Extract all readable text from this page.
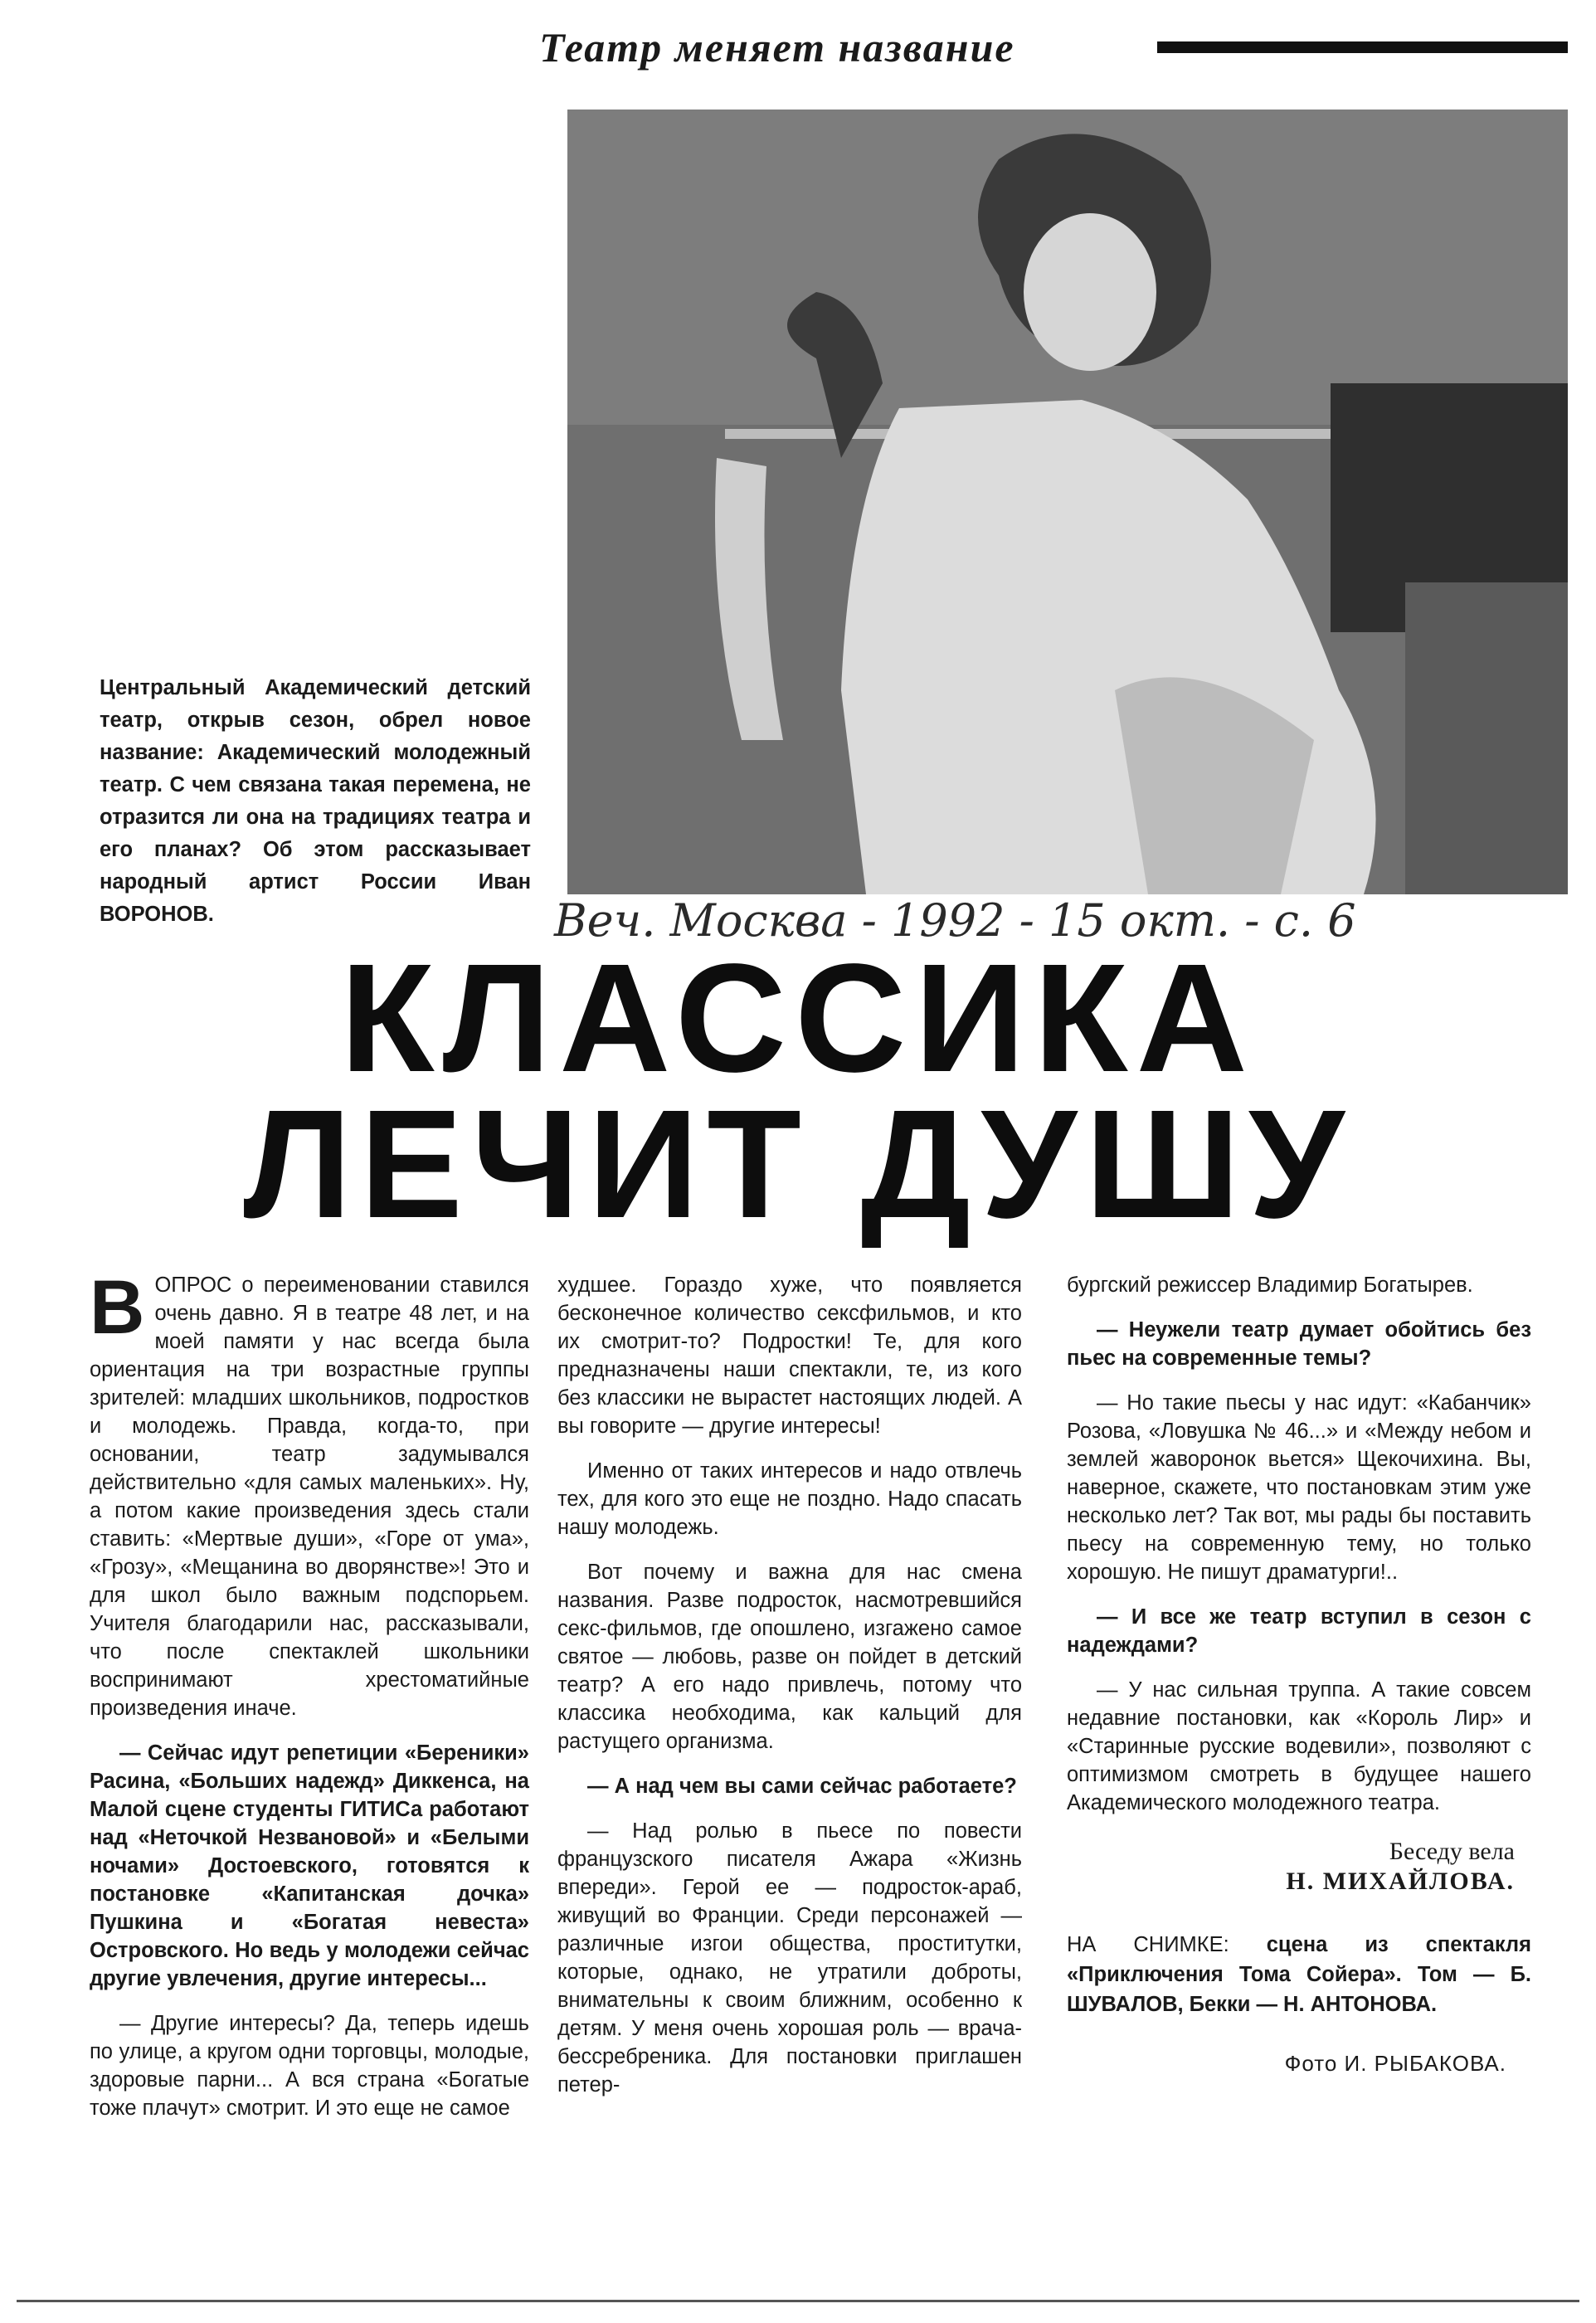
Театр меняет название
Центральный Академический детский театр, открыв сезон, обрел новое название: Академический молодежный театр. С чем связана такая перемена, не отразится ли она на традициях театра и его планах? Об этом рассказывает народный артист России Иван ВОРОНОВ.	Веч. Москва - 1992 - 15 окт. - с. 6
КЛАССИКА
ЛЕЧИТ ДУШУ

ВОПРОС о переименовании ставился очень давно. Я в театре 48 лет, и на моей памяти у нас всегда была ориентация на три возрастные группы зрителей: младших школьников, подростков и молодежь. Правда, когда-то, при основании, театр задумывался действительно «для самых маленьких». Ну, а потом какие произведения здесь стали ставить: «Мертвые души», «Горе от ума», «Грозу», «Мещанина во дворянстве»! Это и для школ было важным подспорьем. Учителя благодарили нас, рассказывали, что после спектаклей школьники воспринимают хрестоматийные произведения иначе.

— Сейчас идут репетиции «Береники» Расина, «Больших надежд» Диккенса, на Малой сцене студенты ГИТИСа работают над «Неточкой Незвановой» и «Белыми ночами» Достоевского, готовятся к постановке «Капитанская дочка» Пушкина и «Богатая невеста» Островского. Но ведь у молодежи сейчас другие увлечения, другие интересы...

— Другие интересы? Да, теперь идешь по улице, а кругом одни торговцы, молодые, здоровые парни... А вся страна «Богатые тоже плачут» смотрит. И это еще не самое

худшее. Гораздо хуже, что появляется бесконечное количество сексфильмов, и кто их смотрит-то? Подростки! Те, для кого предназначены наши спектакли, те, из кого без классики не вырастет настоящих людей. А вы говорите — другие интересы!

Именно от таких интересов и надо отвлечь тех, для кого это еще не поздно. Надо спасать нашу молодежь.

Вот почему и важна для нас смена названия. Разве подросток, насмотревшийся секс-фильмов, где опошлено, изгажено самое святое — любовь, разве он пойдет в детский театр? А его надо привлечь, потому что классика необходима, как кальций для растущего организма.

— А над чем вы сами сейчас работаете?

— Над ролью в пьесе по повести французского писателя Ажара «Жизнь впереди». Герой ее — подросток-араб, живущий во Франции. Среди персонажей — различные изгои общества, проститутки, которые, однако, не утратили доброты, внимательны к своим ближним, особенно к детям. У меня очень хорошая роль — врача-бессребреника. Для постановки приглашен петер-

бургский режиссер Владимир Богатырев.

— Неужели театр думает обойтись без пьес на современные темы?

— Но такие пьесы у нас идут: «Кабанчик» Розова, «Ловушка № 46...» и «Между небом и землей жаворонок вьется» Щекочихина. Вы, наверное, скажете, что постановкам этим уже несколько лет? Так вот, мы рады бы поставить пьесу на современную тему, но только хорошую. Не пишут драматурги!..

— И все же театр вступил в сезон с надеждами?

— У нас сильная труппа. А такие совсем недавние постановки, как «Король Лир» и «Старинные русские водевили», позволяют с оптимизмом смотреть в будущее нашего Академического молодежного театра.

Беседу вела
Н. МИХАЙЛОВА.
НА СНИМКЕ: сцена из спектакля «Приключения Тома Сойера». Том — Б. ШУВАЛОВ, Бекки — Н. АНТОНОВА.
Фото И. РЫБАКОВА.
